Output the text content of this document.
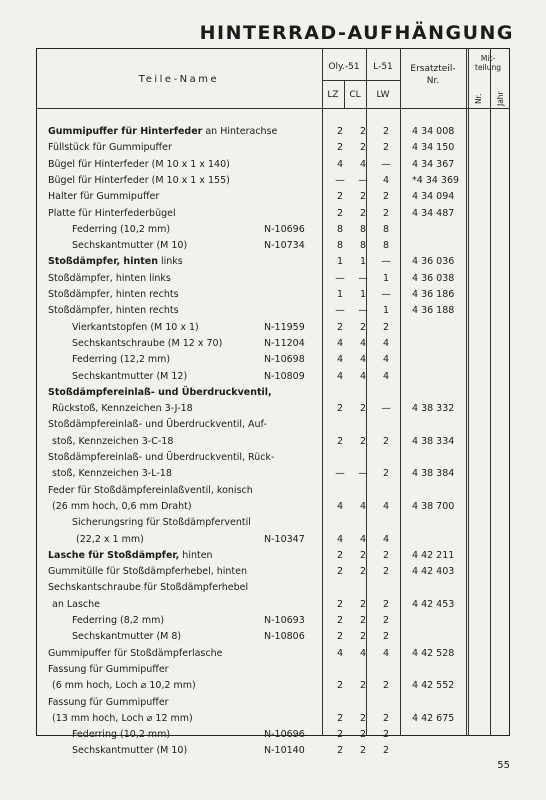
HINTERRAD-AUFHÄNGUNG
Teile-Name
Oly.-51	L-51	Ersatzteil-
Nr.
Mit-
teilung
Nr. Jahr
LZ	CL	LW
Gummipuffer für Hinterfeder an Hinterachse	2	2	2	4 34 008
Füllstück für Gummipuffer	2	2	2	4 34 150
Bügel für Hinterfeder (M 10 x 1 x 140)	4	4	—	4 34 367
Bügel für Hinterfeder (M 10 x 1 x 155)	—	—	4	*4 34 369
Halter für Gummipuffer	2	2	2	4 34 094
Platte für Hinterfederbügel	2	2	2	4 34 487
Federring (10,2 mm)	N-10696	8	8	8
Sechskantmutter (M 10)	N-10734	8	8	8
Stoßdämpfer, hinten links	1	1	—	4 36 036
Stoßdämpfer, hinten links	—	—	1	4 36 038
Stoßdämpfer, hinten rechts	1	1	—	4 36 186
Stoßdämpfer, hinten rechts	—	—	1	4 36 188
Vierkantstopfen (M 10 x 1)	N-11959	2	2	2
Sechskantschraube (M 12 x 70)	N-11204	4	4	4
Federring (12,2 mm)	N-10698	4	4	4
Sechskantmutter (M 12)	N-10809	4	4	4
Stoßdämpfereinlaß- und Überdruckventil,
Rückstoß, Kennzeichen 3-J-18	2	2	—	4 38 332
Stoßdämpfereinlaß- und Überdruckventil, Auf-
stoß, Kennzeichen 3-C-18	2	2	2	4 38 334
Stoßdämpfereinlaß- und Überdruckventil, Rück-
stoß, Kennzeichen 3-L-18	—	—	2	4 38 384
Feder für Stoßdämpfereinlaßventil, konisch
(26 mm hoch, 0,6 mm Draht)	4	4	4	4 38 700
Sicherungsring für Stoßdämpferventil
(22,2 x 1 mm)	N-10347	4	4	4
Lasche für Stoßdämpfer, hinten	2	2	2	4 42 211
Gummitülle für Stoßdämpferhebel, hinten	2	2	2	4 42 403
Sechskantschraube für Stoßdämpferhebel
an Lasche	2	2	2	4 42 453
Federring (8,2 mm)	N-10693	2	2	2
Sechskantmutter (M 8)	N-10806	2	2	2
Gummipuffer für Stoßdämpferlasche	4	4	4	4 42 528
Fassung für Gummipuffer
(6 mm hoch, Loch ⌀ 10,2 mm)	2	2	2	4 42 552
Fassung für Gummipuffer
(13 mm hoch, Loch ⌀ 12 mm)	2	2	2	4 42 675
Federring (10,2 mm)	N-10696	2	2	2
Sechskantmutter (M 10)	N-10140	2	2	2
55
